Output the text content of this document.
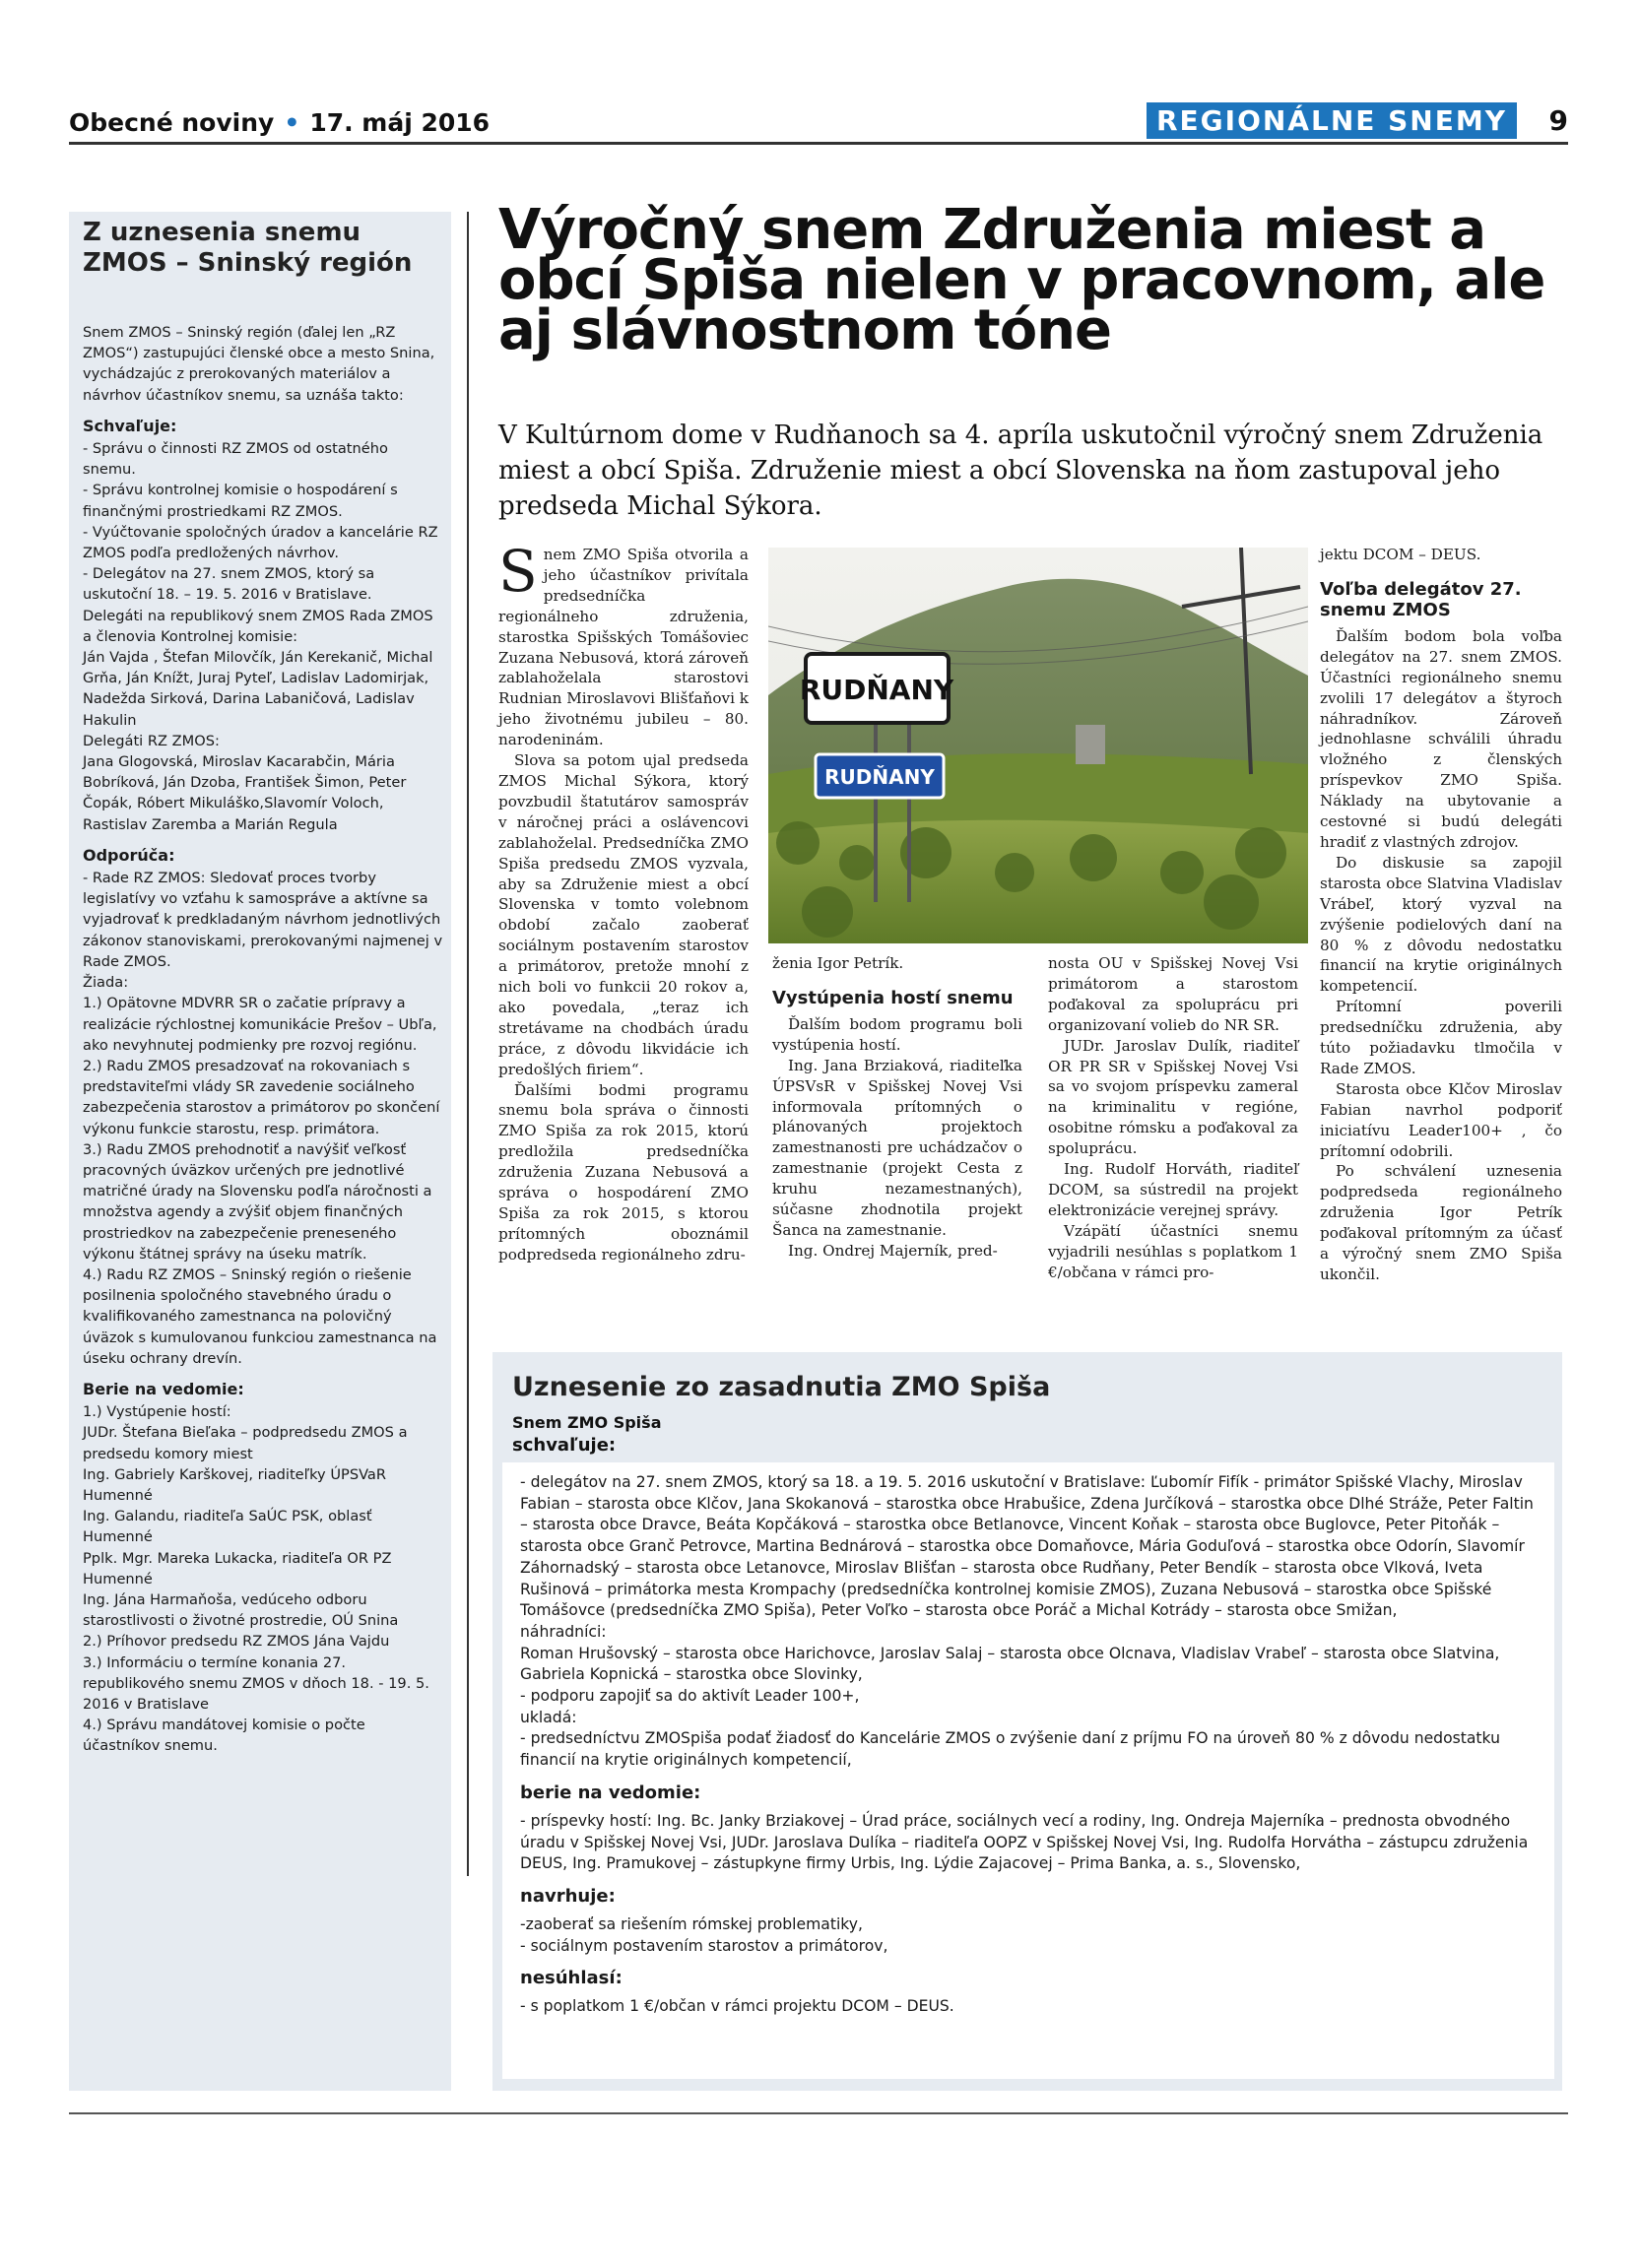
Obecné noviny • 17. máj 2016	REGIONÁLNE SNEMY	9
Z uznesenia snemu ZMOS – Sninský región

Snem ZMOS – Sninský región (ďalej len „RZ ZMOS“) zastupujúci členské obce a mesto Snina, vychádzajúc z prerokovaných materiálov a návrhov účastníkov snemu, sa uznáša takto:

Schvaľuje:

- Správu o činnosti RZ ZMOS od ostatného snemu.
- Správu kontrolnej komisie o hospodárení s finančnými prostriedkami RZ ZMOS.
- Vyúčtovanie spoločných úradov a kancelárie RZ ZMOS podľa predložených návrhov.
- Delegátov na 27. snem ZMOS, ktorý sa uskutoční 18. – 19. 5. 2016 v Bratislave.
Delegáti na republikový snem ZMOS Rada ZMOS a členovia Kontrolnej komisie:
Ján Vajda , Štefan Milovčík, Ján Kerekanič, Michal Grňa, Ján Knížt, Juraj Pyteľ, Ladislav Ladomirjak, Nadežda Sirková, Darina Labaničová, Ladislav Hakulin
Delegáti RZ ZMOS:
Jana Glogovská, Miroslav Kacarabčin, Mária Bobríková, Ján Dzoba, František Šimon, Peter Čopák, Róbert Mikuláško,Slavomír Voloch, Rastislav Zaremba a Marián Regula

Odporúča:

- Rade RZ ZMOS: Sledovať proces tvorby legislatívy vo vzťahu k samospráve a aktívne sa vyjadrovať k predkladaným návrhom jednotlivých zákonov stanoviskami, prerokovanými najmenej v Rade ZMOS.
Žiada:
1.) Opätovne MDVRR SR o začatie prípravy a realizácie rýchlostnej komunikácie Prešov – Ubľa, ako nevyhnutej podmienky pre rozvoj regiónu.
2.) Radu ZMOS presadzovať na rokovaniach s predstaviteľmi vlády SR zavedenie sociálneho zabezpečenia starostov a primátorov po skončení výkonu funkcie starostu, resp. primátora.
3.) Radu ZMOS prehodnotiť a navýšiť veľkosť pracovných úväzkov určených pre jednotlivé matričné úrady na Slovensku podľa náročnosti a množstva agendy a zvýšiť objem finančných prostriedkov na zabezpečenie preneseného výkonu štátnej správy na úseku matrík.
4.) Radu RZ ZMOS – Sninský región o riešenie posilnenia spoločného stavebného úradu o kvalifikovaného zamestnanca na polovičný úväzok s kumulovanou funkciou zamestnanca na úseku ochrany drevín.

Berie na vedomie:

1.) Vystúpenie hostí:
JUDr. Štefana Bieľaka – podpredsedu ZMOS a predsedu komory miest
Ing. Gabriely Karškovej, riaditeľky ÚPSVaR Humenné
Ing. Galandu, riaditeľa SaÚC PSK, oblasť Humenné
Pplk. Mgr. Mareka Lukacka, riaditeľa OR PZ Humenné
Ing. Jána Harmaňoša, vedúceho odboru starostlivosti o životné prostredie, OÚ Snina
2.) Príhovor predsedu RZ ZMOS Jána Vajdu
3.) Informáciu o termíne konania 27. republikového snemu ZMOS v dňoch 18. - 19. 5. 2016 v Bratislave
4.) Správu mandátovej komisie o počte účastníkov snemu.
Výročný snem Združenia miest a obcí Spiša nielen v pracovnom, ale aj slávnostnom tóne
V Kultúrnom dome v Rudňanoch sa 4. apríla uskutočnil výročný snem Združenia miest a obcí Spiša. Združenie miest a obcí Slovenska na ňom zastupoval jeho predseda Michal Sýkora.

Snem ZMO Spiša otvorila a jeho účastníkov privítala predsedníčka regionálneho združenia, starostka Spišských Tomášoviec Zuzana Nebusová, ktorá zároveň zablahoželala starostovi Rudnian Miroslavovi Blišťaňovi k jeho životnému jubileu – 80. narodeninám.

Slova sa potom ujal predseda ZMOS Michal Sýkora, ktorý povzbudil štatutárov samospráv v náročnej práci a oslávencovi zablahoželal. Predsedníčka ZMO Spiša predsedu ZMOS vyzvala, aby sa Združenie miest a obcí Slovenska v tomto volebnom období začalo zaoberať sociálnym postavením starostov a primátorov, pretože mnohí z nich boli vo funkcii 20 rokov a, ako povedala, „teraz ich stretávame na chodbách úradu práce, z dôvodu likvidácie ich predošlých firiem“.

Ďalšími bodmi programu snemu bola správa o činnosti ZMO Spiša za rok 2015, ktorú predložila predsedníčka združenia Zuzana Nebusová a správa o hospodárení ZMO Spiša za rok 2015, s ktorou prítomných oboznámil podpredseda regionálneho zdru-

RUDŇANY
RUDŇANY

ženia Igor Petrík.

Vystúpenia hostí snemu

Ďalším bodom programu boli vystúpenia hostí.

Ing. Jana Brziaková, riaditeľka ÚPSVsR v Spišskej Novej Vsi informovala prítomných o plánovaných projektoch zamestnanosti pre uchádzačov o zamestnanie (projekt Cesta z kruhu nezamestnaných), súčasne zhodnotila projekt Šanca na zamestnanie.

Ing. Ondrej Majerník, pred-

nosta OU v Spišskej Novej Vsi primátorom a starostom poďakoval za spoluprácu pri organizovaní volieb do NR SR.

JUDr. Jaroslav Dulík, riaditeľ OR PR SR v Spišskej Novej Vsi sa vo svojom príspevku zameral na kriminalitu v regióne, osobitne rómsku a poďakoval za spoluprácu.

Ing. Rudolf Horváth, riaditeľ DCOM, sa sústredil na projekt elektronizácie verejnej správy.

Vzápätí účastníci snemu vyjadrili nesúhlas s poplatkom 1 €/občana v rámci pro-

jektu DCOM – DEUS.

Voľba delegátov 27. snemu ZMOS

Ďalším bodom bola voľba delegátov na 27. snem ZMOS. Účastníci regionálneho snemu zvolili 17 delegátov a štyroch náhradníkov. Zároveň jednohlasne schválili úhradu vložného z členských príspevkov ZMO Spiša. Náklady na ubytovanie a cestovné si budú delegáti hradiť z vlastných zdrojov.

Do diskusie sa zapojil starosta obce Slatvina Vladislav Vrábeľ, ktorý vyzval na zvýšenie podielových daní na 80 % z dôvodu nedostatku financií na krytie originálnych kompetencií.

Prítomní poverili predsedníčku združenia, aby túto požiadavku tlmočila v Rade ZMOS.

Starosta obce Klčov Miroslav Fabian navrhol podporiť iniciatívu Leader100+ , čo prítomní odobrili.

Po schválení uznesenia podpredseda regionálneho združenia Igor Petrík poďakoval prítomným za účasť a výročný snem ZMO Spiša ukončil.

Uznesenie zo zasadnutia ZMO Spiša
Snem ZMO Spiša
schvaľuje:

- delegátov na 27. snem ZMOS, ktorý sa 18. a 19. 5. 2016 uskutoční v Bratislave: Ľubomír Fifík - primátor Spišské Vlachy, Miroslav Fabian – starosta obce Klčov, Jana Skokanová – starostka obce Hrabušice, Zdena Jurčíková – starostka obce Dlhé Stráže, Peter Faltin – starosta obce Dravce, Beáta Kopčáková – starostka obce Betlanovce, Vincent Koňak – starosta obce Buglovce, Peter Pitoňák – starosta obce Granč Petrovce, Martina Bednárová – starostka obce Domaňovce, Mária Goduľová – starostka obce Odorín, Slavomír Záhornadský – starosta obce Letanovce, Miroslav Blišťan – starosta obce Rudňany, Peter Bendík – starosta obce Vlková, Iveta Rušinová – primátorka mesta Krompachy (predsedníčka kontrolnej komisie ZMOS), Zuzana Nebusová – starostka obce Spišské Tomášovce (predsedníčka ZMO Spiša), Peter Voľko – starosta obce Poráč a Michal Kotrády – starosta obce Smižan,

náhradníci:

Roman Hrušovský – starosta obce Harichovce, Jaroslav Salaj – starosta obce Olcnava, Vladislav Vrabeľ – starosta obce Slatvina, Gabriela Kopnická – starostka obce Slovinky,

- podporu zapojiť sa do aktivít Leader 100+,

ukladá:

- predsedníctvu ZMOSpiša podať žiadosť do Kancelárie ZMOS o zvýšenie daní z príjmu FO na úroveň 80 % z dôvodu nedostatku financií na krytie originálnych kompetencií,

berie na vedomie:

- príspevky hostí: Ing. Bc. Janky Brziakovej – Úrad práce, sociálnych vecí a rodiny, Ing. Ondreja Majerníka – prednosta obvodného úradu v Spišskej Novej Vsi, JUDr. Jaroslava Dulíka – riaditeľa OOPZ v Spišskej Novej Vsi, Ing. Rudolfa Horvátha – zástupcu združenia DEUS, Ing. Pramukovej – zástupkyne firmy Urbis, Ing. Lýdie Zajacovej – Prima Banka, a. s., Slovensko,

navrhuje:

-zaoberať sa riešením rómskej problematiky,

- sociálnym postavením starostov a primátorov,

nesúhlasí:

- s poplatkom 1 €/občan v rámci projektu DCOM – DEUS.
